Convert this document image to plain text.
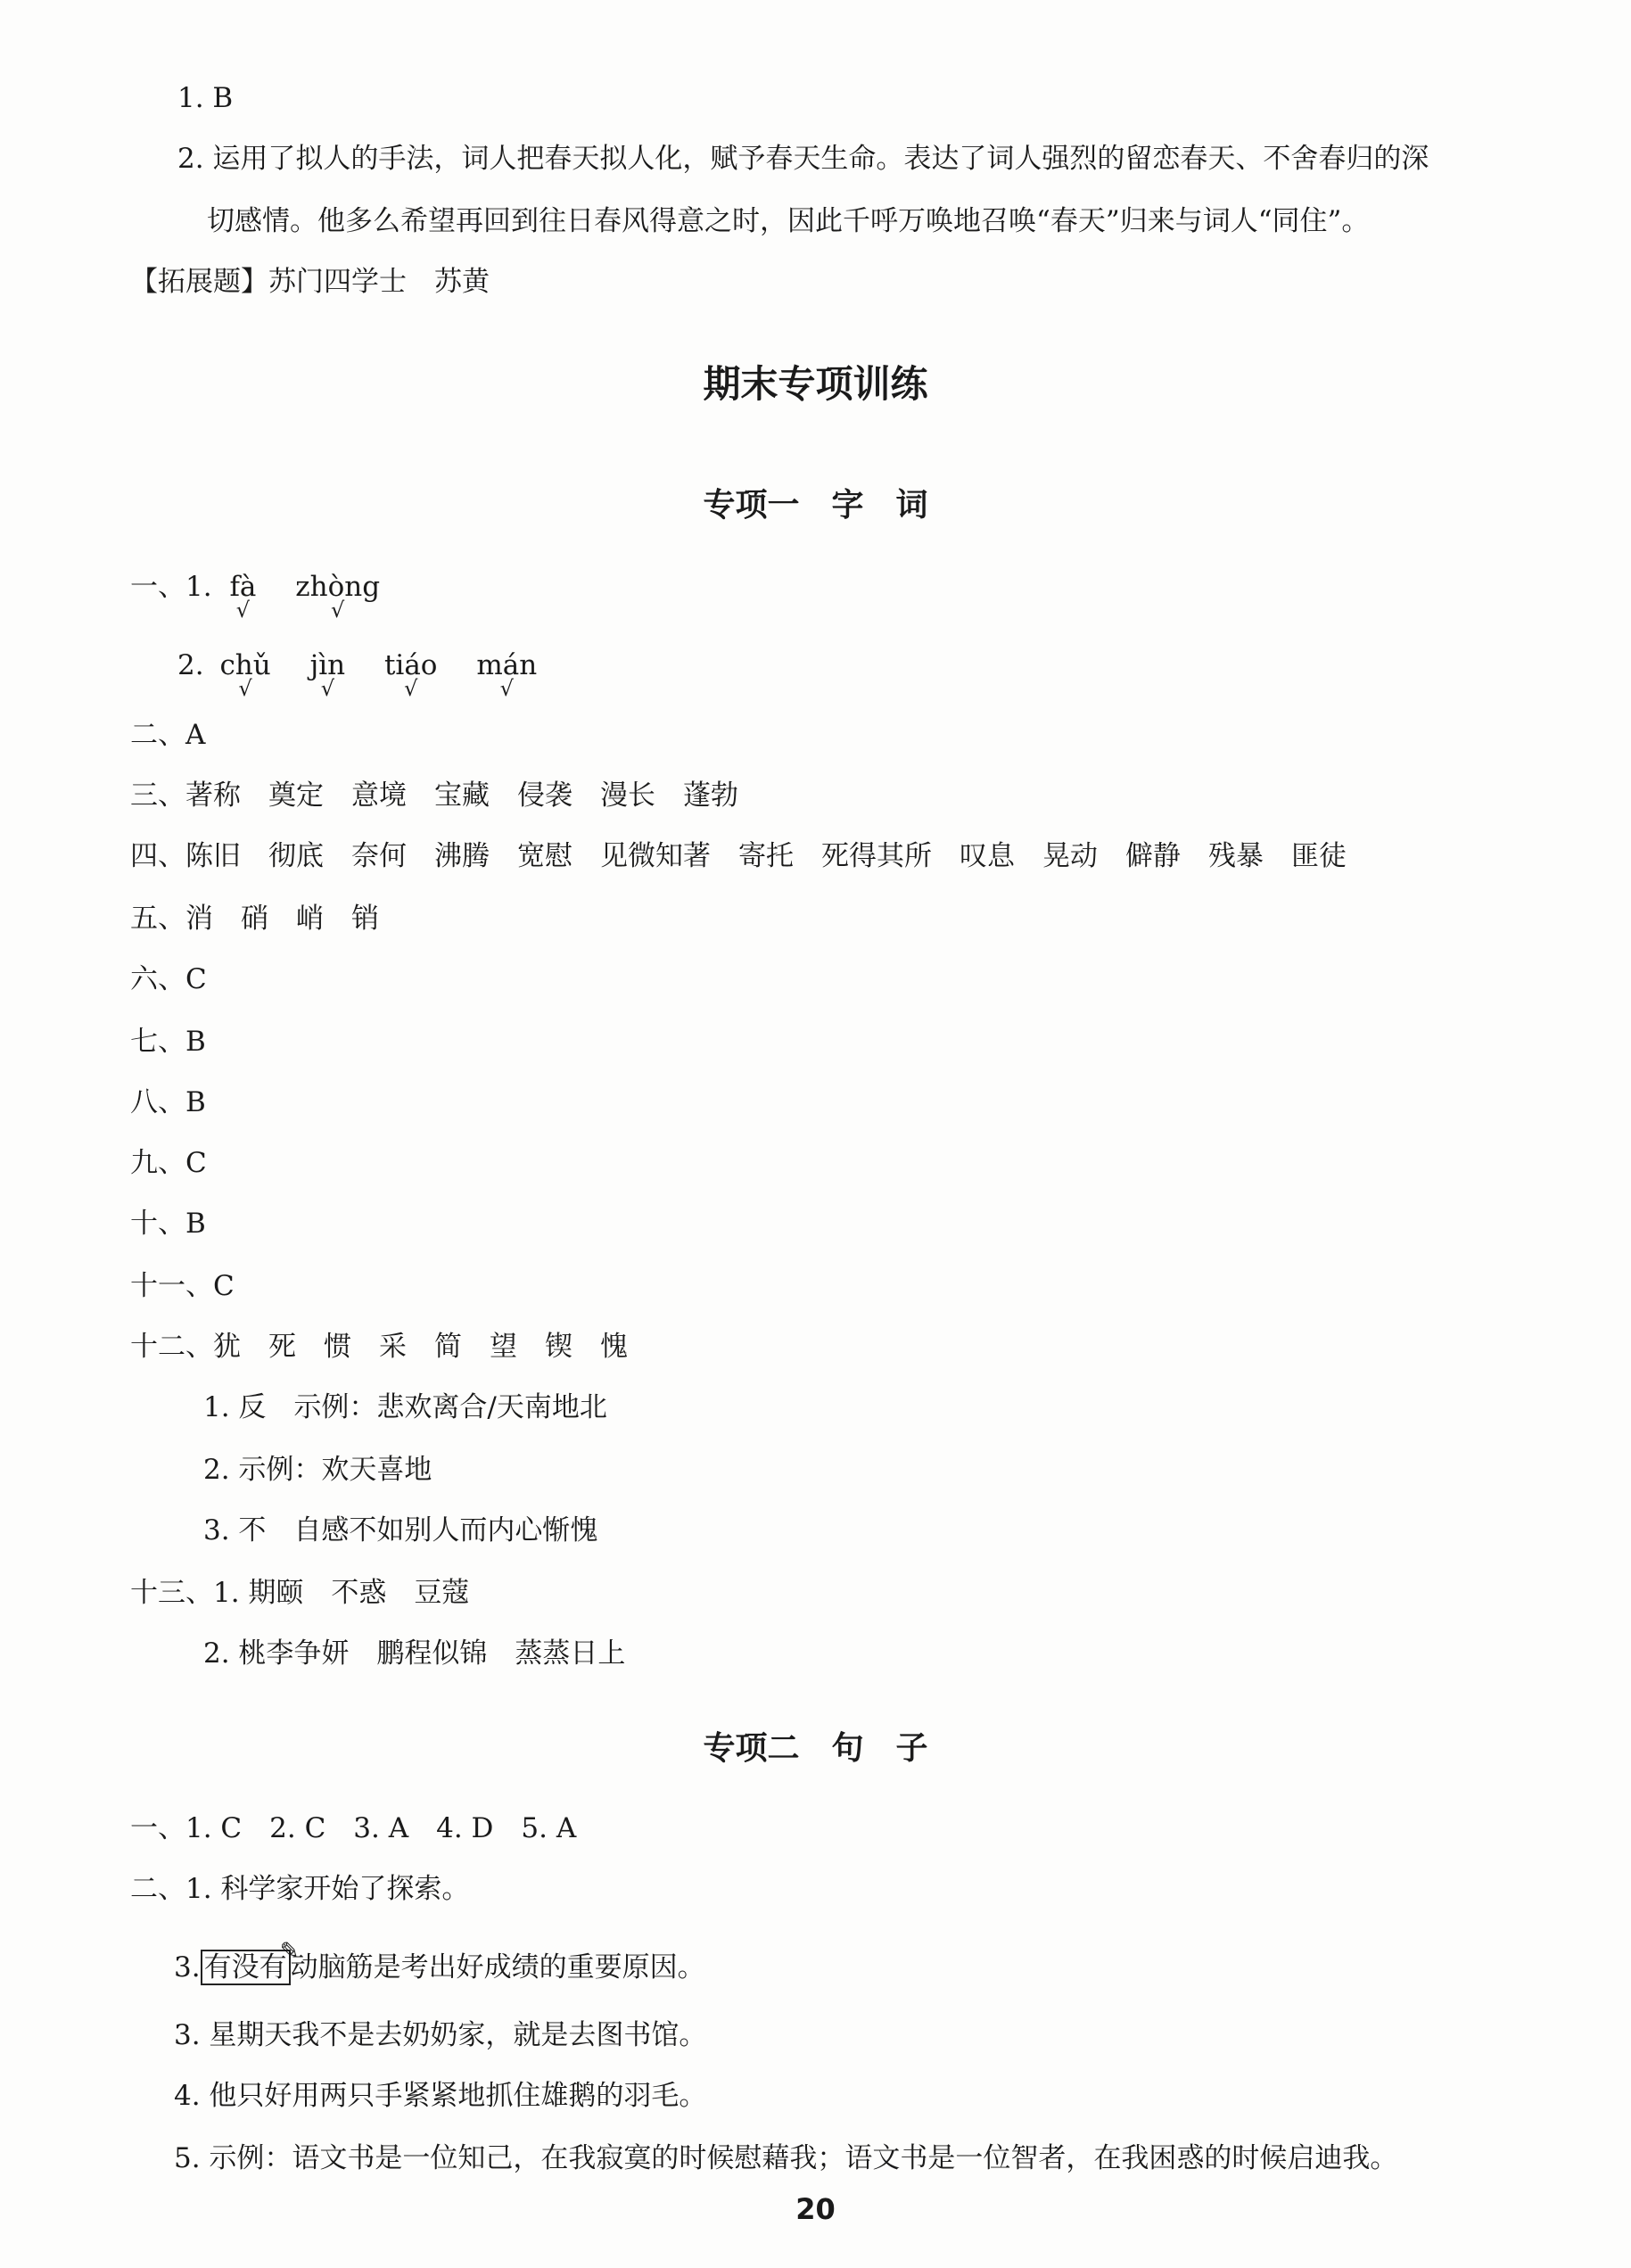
1. B
2. 运用了拟人的手法，词人把春天拟人化，赋予春天生命。表达了词人强烈的留恋春天、不舍春归的深
切感情。他多么希望再回到往日春风得意之时，因此千呼万唤地召唤“春天”归来与词人“同住”。
【拓展题】苏门四学士　苏黄
期末专项训练
专项一　字　词
一、1. fà
√
zhòng
√
2. chǔ
√
jìn
√
tiáo
√
mán
√
二、A
三、著称　奠定　意境　宝藏　侵袭　漫长　蓬勃
四、陈旧　彻底　奈何　沸腾　宽慰　见微知著　寄托　死得其所　叹息　晃动　僻静　残暴　匪徒
五、消　硝　峭　销
六、C
七、B
八、B
九、C
十、B
十一、C
十二、犹　死　惯　采　简　望　锲　愧
1. 反　示例：悲欢离合/天南地北
2. 示例：欢天喜地
3. 不　自感不如别人而内心惭愧
十三、1. 期颐　不惑　豆蔻
2. 桃李争妍　鹏程似锦　蒸蒸日上
专项二　句　子
一、1. C　2. C　3. A　4. D　5. A
二、1. 科学家开始了探索。
3. 有没有
✎
动脑筋是考出好成绩的重要原因。
3. 星期天我不是去奶奶家，就是去图书馆。
4. 他只好用两只手紧紧地抓住雄鹅的羽毛。
5. 示例：语文书是一位知己，在我寂寞的时候慰藉我；语文书是一位智者，在我困惑的时候启迪我。
20
